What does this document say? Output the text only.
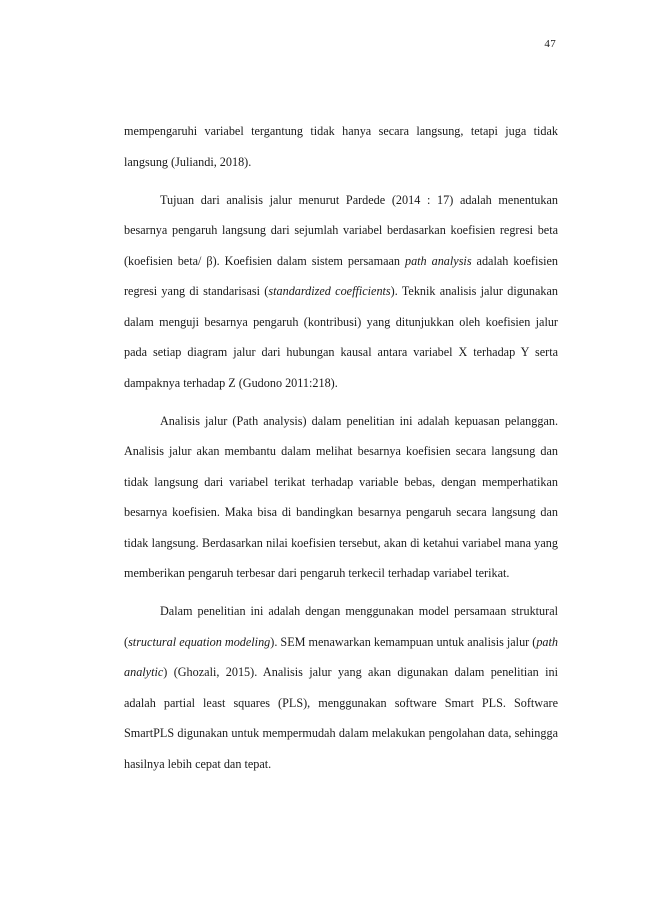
47

mempengaruhi variabel tergantung tidak hanya secara langsung, tetapi juga tidak langsung (Juliandi, 2018).

Tujuan dari analisis jalur menurut Pardede (2014 : 17) adalah menentukan besarnya pengaruh langsung dari sejumlah variabel berdasarkan koefisien regresi beta (koefisien beta/ β). Koefisien dalam sistem persamaan path analysis adalah koefisien regresi yang di standarisasi (standardized coefficients). Teknik analisis jalur digunakan dalam menguji besarnya pengaruh (kontribusi) yang ditunjukkan oleh koefisien jalur pada setiap diagram jalur dari hubungan kausal antara variabel X terhadap Y serta dampaknya terhadap Z (Gudono 2011:218).

Analisis jalur (Path analysis) dalam penelitian ini adalah kepuasan pelanggan. Analisis jalur akan membantu dalam melihat besarnya koefisien secara langsung dan tidak langsung dari variabel terikat terhadap variable bebas, dengan memperhatikan besarnya koefisien. Maka bisa di bandingkan besarnya pengaruh secara langsung dan tidak langsung. Berdasarkan nilai koefisien tersebut, akan di ketahui variabel mana yang memberikan pengaruh terbesar dari pengaruh terkecil terhadap variabel terikat.

Dalam penelitian ini adalah dengan menggunakan model persamaan struktural (structural equation modeling). SEM menawarkan kemampuan untuk analisis jalur (path analytic) (Ghozali, 2015). Analisis jalur yang akan digunakan dalam penelitian ini adalah partial least squares (PLS), menggunakan software Smart PLS. Software SmartPLS digunakan untuk mempermudah dalam melakukan pengolahan data, sehingga hasilnya lebih cepat dan tepat.
